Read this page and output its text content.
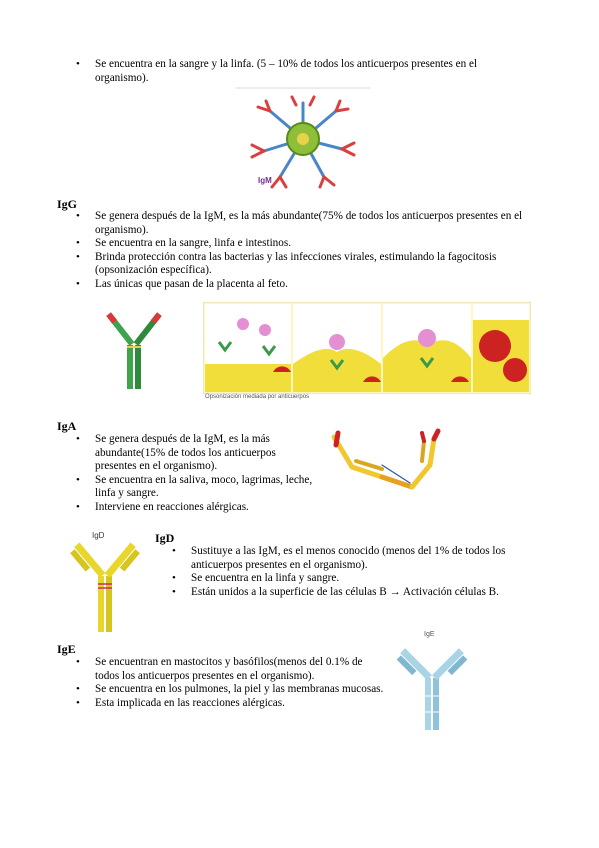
• Se encuentra en la sangre y la linfa. (5 – 10% de todos los anticuerpos presentes en el organismo).
IgM
IgG
• Se genera después de la IgM, es la más abundante(75% de todos los anticuerpos presentes en el organismo).
• Se encuentra en la sangre, linfa e intestinos.
• Brinda protección contra las bacterias y las infecciones virales, estimulando la fagocitosis (opsonización específica).
• Las únicas que pasan de la placenta al feto.
Opsonización mediada por anticuerpos
IgA
• Se genera después de la IgM, es la más abundante(15% de todos los anticuerpos presentes en el organismo).
• Se encuentra en la saliva, moco, lagrimas, leche, linfa y sangre.
• Interviene en reacciones alérgicas.
IgD	IgD
• Sustituye a las IgM, es el menos conocido (menos del 1% de todos los anticuerpos presentes en el organismo).
• Se encuentra en la linfa y sangre.
• Están unidos a la superficie de las células B → Activación células B.
IgE
• Se encuentran en mastocitos y basófilos(menos del 0.1% de todos los anticuerpos presentes en el organismo).
• Se encuentra en los pulmones, la piel y las membranas mucosas.
• Esta implicada en las reacciones alérgicas.
IgE
